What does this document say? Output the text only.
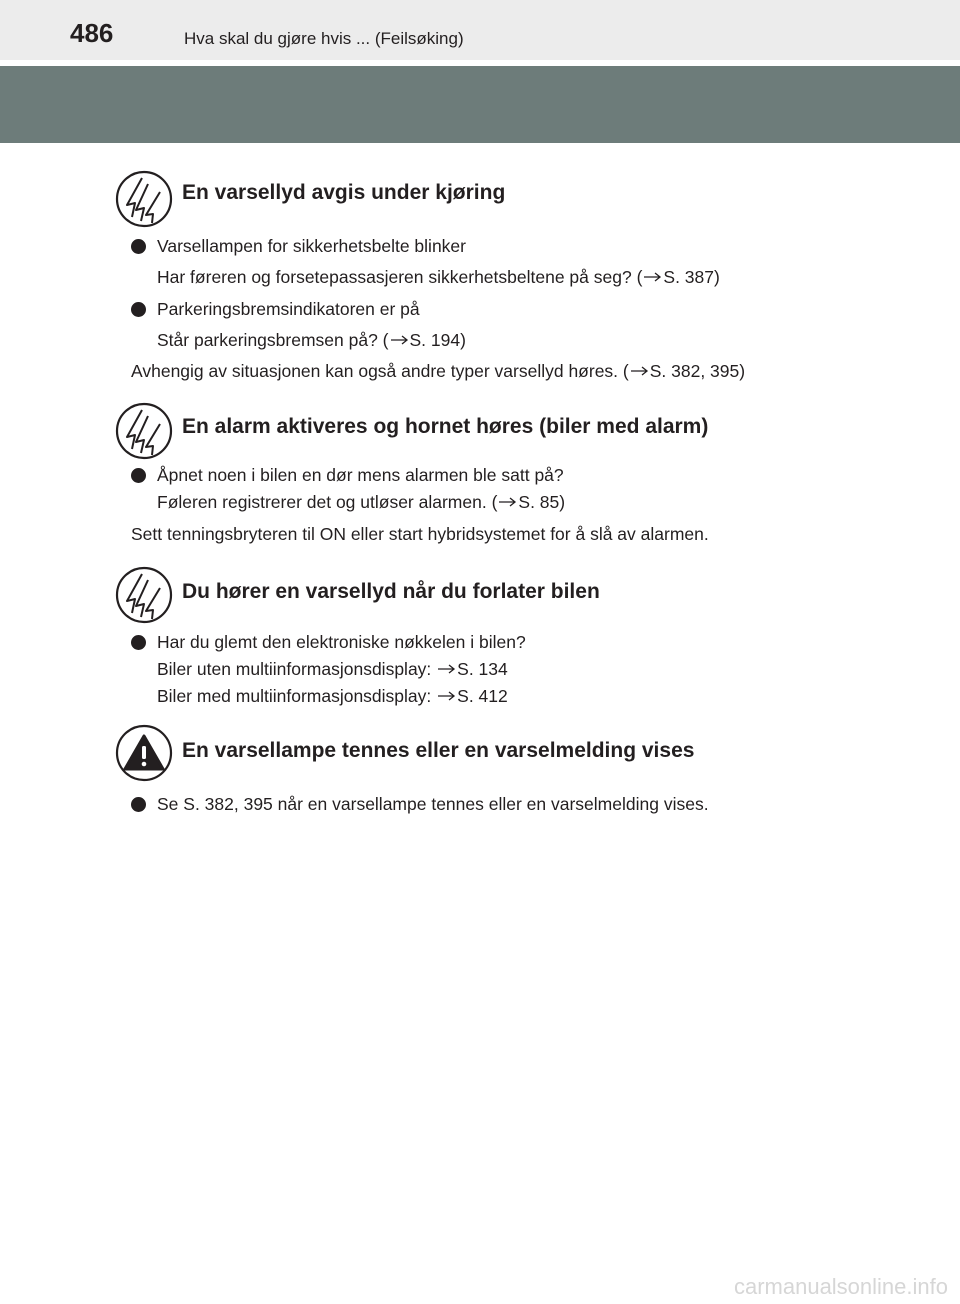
486	Hva skal du gjøre hvis ... (Feilsøking)
En varsellyd avgis under kjøring
Varsellampen for sikkerhetsbelte blinker
Har føreren og forsetepassasjeren sikkerhetsbeltene på seg? ( S. 387)
Parkeringsbremsindikatoren er på
Står parkeringsbremsen på? ( S. 194)
Avhengig av situasjonen kan også andre typer varsellyd høres. ( S. 382, 395)
En alarm aktiveres og hornet høres (biler med alarm)
Åpnet noen i bilen en dør mens alarmen ble satt på?
Føleren registrerer det og utløser alarmen. ( S. 85)
Sett tenningsbryteren til ON eller start hybridsystemet for å slå av alarmen.
Du hører en varsellyd når du forlater bilen
Har du glemt den elektroniske nøkkelen i bilen?
Biler uten multiinformasjonsdisplay: S. 134
Biler med multiinformasjonsdisplay: S. 412
En varsellampe tennes eller en varselmelding vises
Se S. 382, 395 når en varsellampe tennes eller en varselmelding vises.
carmanualsonline.info
